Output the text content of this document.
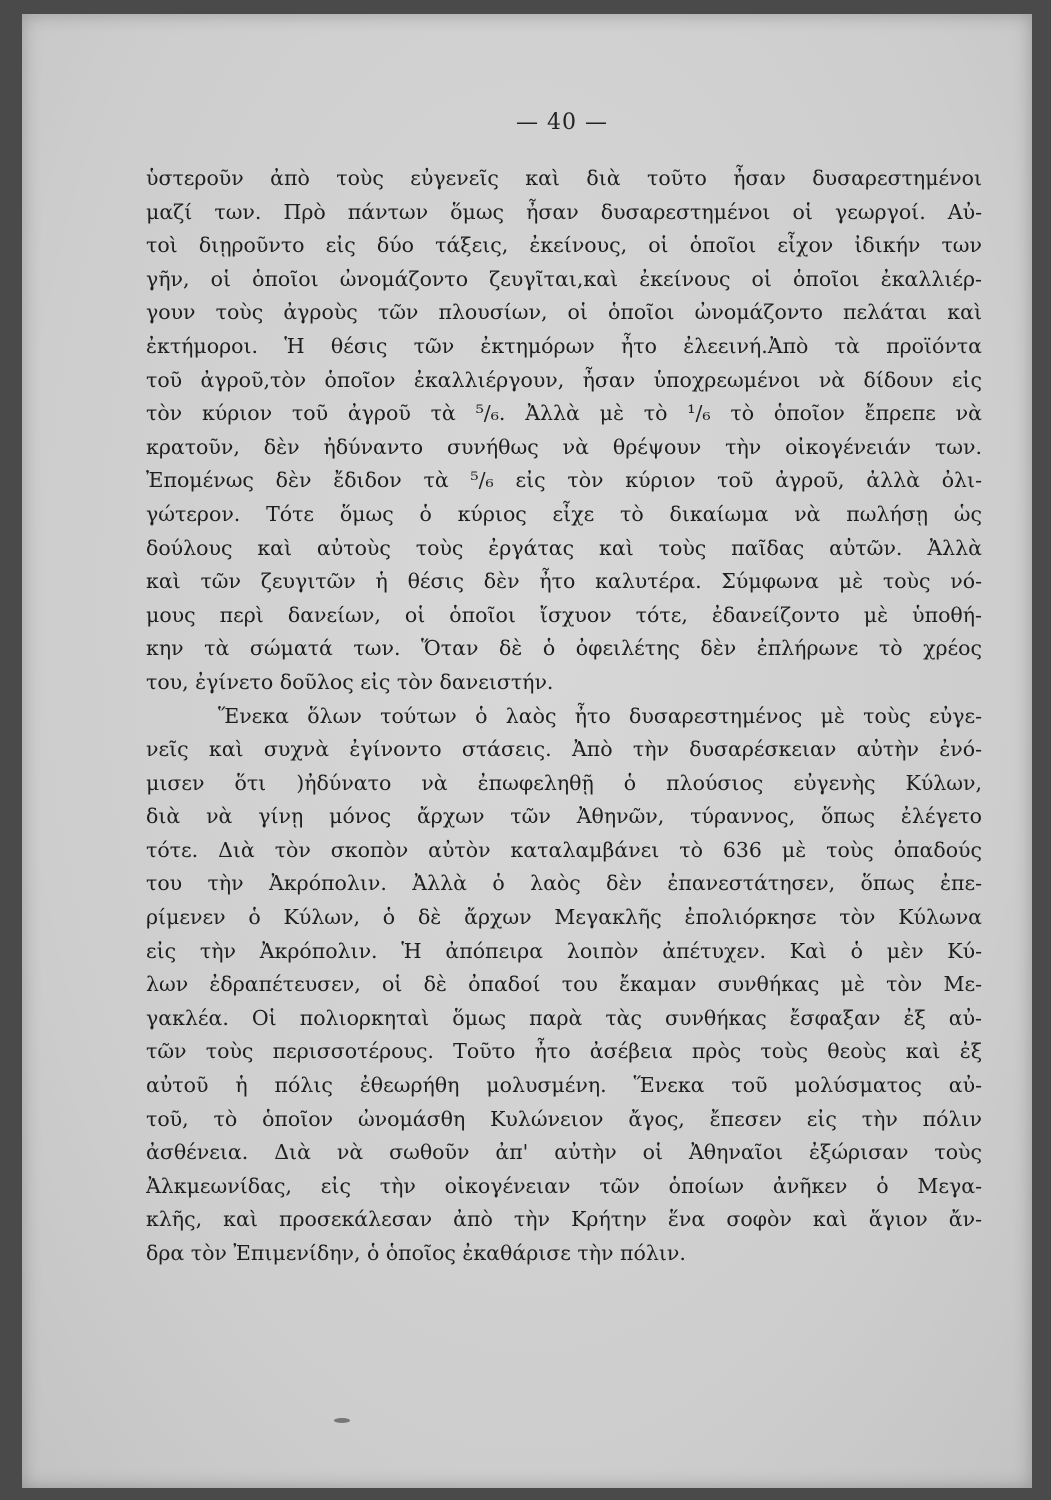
— 40 —
ὑστεροῦν ἀπὸ τοὺς εὐγενεῖς καὶ διὰ τοῦτο ἦσαν δυσαρεστημένοι
μαζί των. Πρὸ πάντων ὅμως ἦσαν δυσαρεστημένοι οἱ γεωργοί. Αὐ-
τοὶ διῃροῦντο εἰς δύο τάξεις, ἐκείνους, οἱ ὁποῖοι εἶχον ἰδικήν των
γῆν, οἱ ὁποῖοι ὠνομάζοντο ζευγῖται,καὶ ἐκείνους οἱ ὁποῖοι ἐκαλλιέρ-
γουν τοὺς ἀγροὺς τῶν πλουσίων, οἱ ὁποῖοι ὠνομάζοντο πελάται καὶ
ἐκτήμοροι. Ἡ θέσις τῶν ἐκτημόρων ἦτο ἐλεεινή.Ἀπὸ τὰ προϊόντα
τοῦ ἀγροῦ,τὸν ὁποῖον ἐκαλλιέργουν, ἦσαν ὑποχρεωμένοι νὰ δίδουν εἰς
τὸν κύριον τοῦ ἀγροῦ τὰ ⁵/₆. Ἀλλὰ μὲ τὸ ¹/₆ τὸ ὁποῖον ἔπρεπε νὰ
κρατοῦν, δὲν ἠδύναντο συνήθως νὰ θρέψουν τὴν οἰκογένειάν των.
Ἐπομένως δὲν ἔδιδον τὰ ⁵/₆ εἰς τὸν κύριον τοῦ ἀγροῦ, ἀλλὰ ὀλι-
γώτερον. Τότε ὅμως ὁ κύριος εἶχε τὸ δικαίωμα νὰ πωλήσῃ ὡς
δούλους καὶ αὐτοὺς τοὺς ἐργάτας καὶ τοὺς παῖδας αὐτῶν. Ἀλλὰ
καὶ τῶν ζευγιτῶν ἡ θέσις δὲν ἦτο καλυτέρα. Σύμφωνα μὲ τοὺς νό-
μους περὶ δανείων, οἱ ὁποῖοι ἴσχυον τότε, ἐδανείζοντο μὲ ὑποθή-
κην τὰ σώματά των. Ὅταν δὲ ὁ ὀφειλέτης δὲν ἐπλήρωνε τὸ χρέος
του, ἐγίνετο δοῦλος εἰς τὸν δανειστήν.
Ἕνεκα ὅλων τούτων ὁ λαὸς ἦτο δυσαρεστημένος μὲ τοὺς εὐγε-
νεῖς καὶ συχνὰ ἐγίνοντο στάσεις. Ἀπὸ τὴν δυσαρέσκειαν αὐτὴν ἐνό-
μισεν ὅτι )ἠδύνατο νὰ ἐπωφεληθῇ ὁ πλούσιος εὐγενὴς Κύλων,
διὰ νὰ γίνῃ μόνος ἄρχων τῶν Ἀθηνῶν, τύραννος, ὅπως ἐλέγετο
τότε. Διὰ τὸν σκοπὸν αὐτὸν καταλαμβάνει τὸ 636 μὲ τοὺς ὀπαδούς
του τὴν Ἀκρόπολιν. Ἀλλὰ ὁ λαὸς δὲν ἐπανεστάτησεν, ὅπως ἐπε-
ρίμενεν ὁ Κύλων, ὁ δὲ ἄρχων Μεγακλῆς ἐπολιόρκησε τὸν Κύλωνα
εἰς τὴν Ἀκρόπολιν. Ἡ ἀπόπειρα λοιπὸν ἀπέτυχεν. Καὶ ὁ μὲν Κύ-
λων ἐδραπέτευσεν, οἱ δὲ ὀπαδοί του ἔκαμαν συνθήκας μὲ τὸν Με-
γακλέα. Οἱ πολιορκηταὶ ὅμως παρὰ τὰς συνθήκας ἔσφαξαν ἐξ αὐ-
τῶν τοὺς περισσοτέρους. Τοῦτο ἦτο ἀσέβεια πρὸς τοὺς θεοὺς καὶ ἐξ
αὐτοῦ ἡ πόλις ἐθεωρήθη μολυσμένη. Ἕνεκα τοῦ μολύσματος αὐ-
τοῦ, τὸ ὁποῖον ὠνομάσθη Κυλώνειον ἄγος, ἔπεσεν εἰς τὴν πόλιν
ἀσθένεια. Διὰ νὰ σωθοῦν ἀπ' αὐτὴν οἱ Ἀθηναῖοι ἐξώρισαν τοὺς
Ἀλκμεωνίδας, εἰς τὴν οἰκογένειαν τῶν ὁποίων ἀνῆκεν ὁ Μεγα-
κλῆς, καὶ προσεκάλεσαν ἀπὸ τὴν Κρήτην ἕνα σοφὸν καὶ ἅγιον ἄν-
δρα τὸν Ἐπιμενίδην, ὁ ὁποῖος ἐκαθάρισε τὴν πόλιν.
